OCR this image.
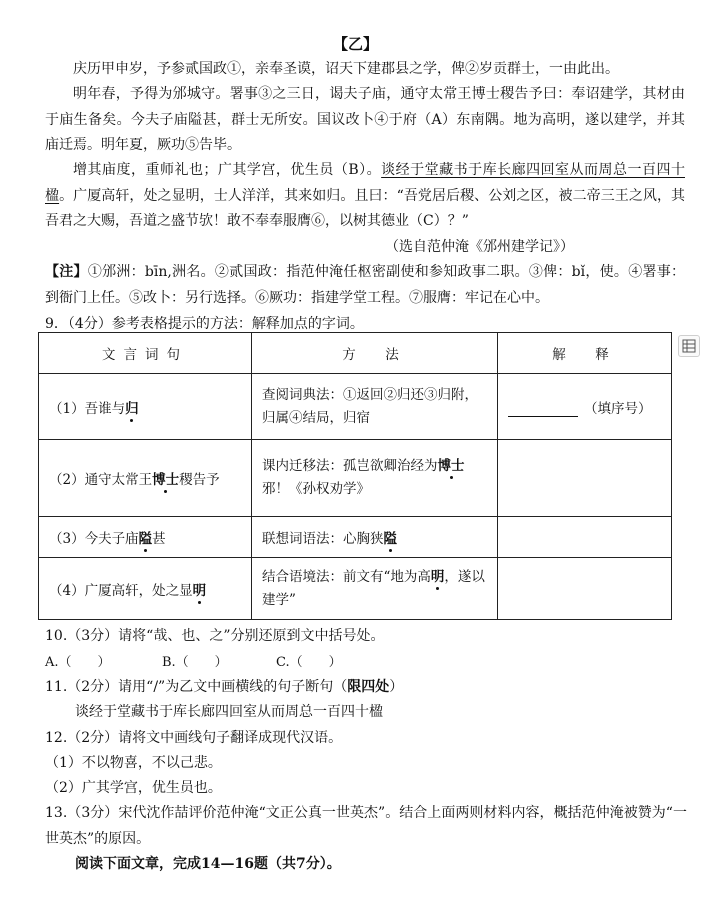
【乙】
庆历甲申岁，予参贰国政①，亲奉圣谟，诏天下建郡县之学，俾②岁贡群士，一由此出。
明年春，予得为邠城守。署事③之三日，谒夫子庙，通守太常王博士稷告予曰：奉诏建学，其材由于庙生备矣。今夫子庙隘甚，群士无所安。国议改卜④于府（A）东南隅。地为高明，遂以建学，并其庙迁焉。明年夏，厥功⑤告毕。
增其庙度，重师礼也；广其学宫，优生员（B）。谈经于堂藏书于库长廊四回室从而周总一百四十楹。广厦高轩，处之显明，士人洋洋，其来如归。且曰：“吾党居后稷、公刘之区，被二帝三王之风，其吾君之大赐，吾道之盛节欤！敢不奉奉服膺⑥，以树其德业（C）？”
（选自范仲淹《邠州建学记》）
【注】①邠洲：bīn,洲名。②贰国政：指范仲淹任枢密副使和参知政事二职。③俾：bǐ，使。④署事：到衙门上任。⑤改卜：另行选择。⑥厥功：指建学堂工程。⑦服膺：牢记在心中。
9．（4分）参考表格提示的方法：解释加点的字词。
文言词句	方　法	解　释
（1）吾谁与归	查阅词典法：①返回②归还③归附，归属④结局，归宿	（填序号）
（2）通守太常王博士稷告予	课内迁移法：孤岂欲卿治经为博士邪！《孙权劝学》	
（3）今夫子庙隘甚	联想词语法：心胸狭隘	
（4）广厦高轩，处之显明	结合语境法：前文有“地为高明，遂以建学”	
10.（3分）请将“哉、也、之”分别还原到文中括号处。
A.（　　）	B.（　　）	C.（　　）
11.（2分）请用“/”为乙文中画横线的句子断句（限四处）
谈经于堂藏书于库长廊四回室从而周总一百四十楹
12.（2分）请将文中画线句子翻译成现代汉语。
（1）不以物喜，不以己悲。
（2）广其学宫，优生员也。
13.（3分）宋代沈作喆评价范仲淹“文正公真一世英杰”。结合上面两则材料内容，概括范仲淹被赞为“一世英杰”的原因。
阅读下面文章，完成14—16题（共7分）。
